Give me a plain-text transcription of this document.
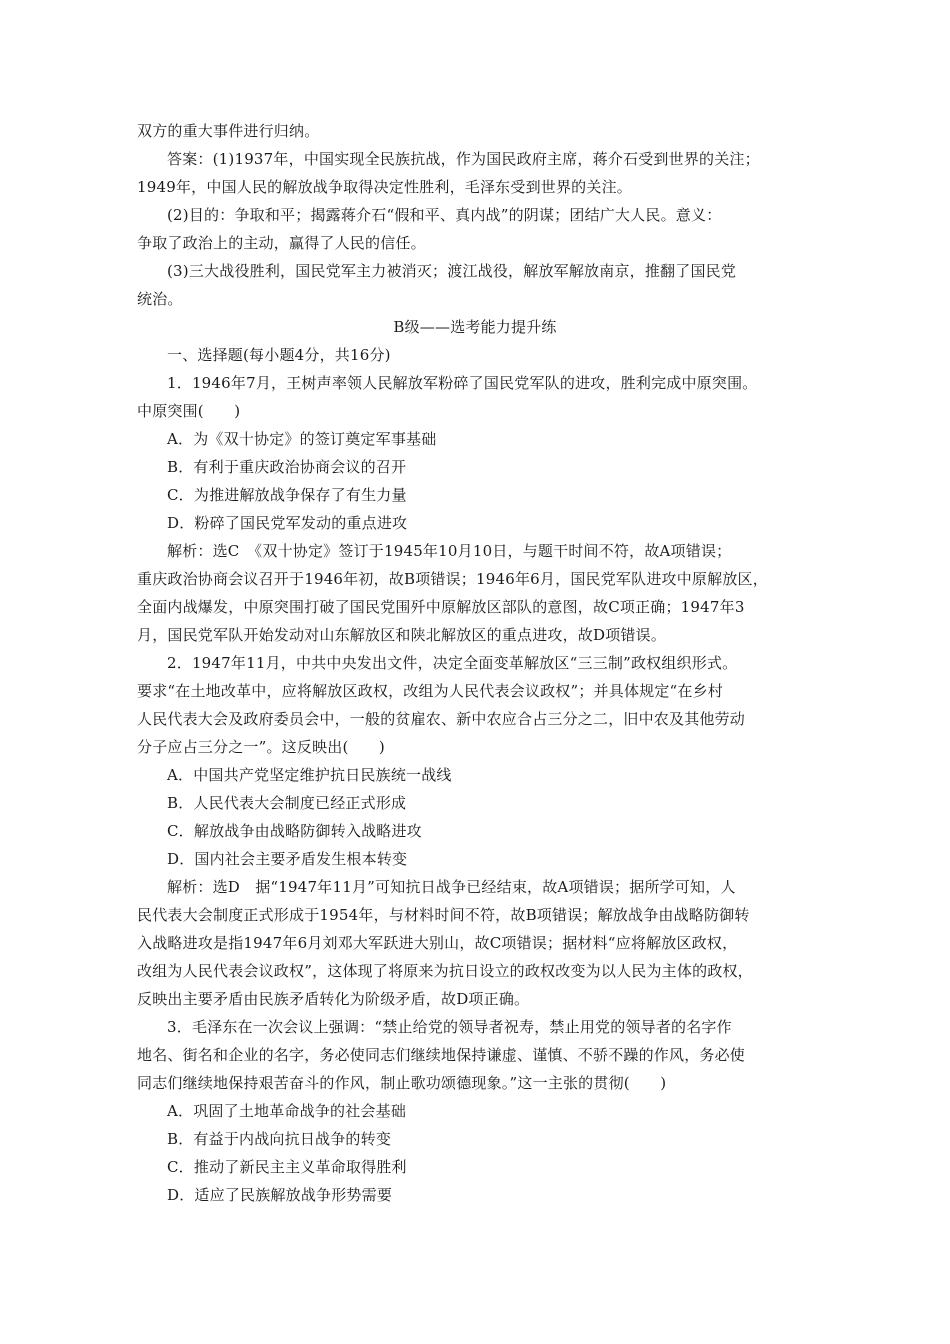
双方的重大事件进行归纳。
答案：(1)1937年，中国实现全民族抗战，作为国民政府主席，蒋介石受到世界的关注；
1949年，中国人民的解放战争取得决定性胜利，毛泽东受到世界的关注。
(2)目的：争取和平；揭露蒋介石“假和平、真内战”的阴谋；团结广大人民。意义：
争取了政治上的主动，赢得了人民的信任。
(3)三大战役胜利，国民党军主力被消灭；渡江战役，解放军解放南京，推翻了国民党
统治。
B级——选考能力提升练
一、选择题(每小题4分，共16分)
1．1946年7月，王树声率领人民解放军粉碎了国民党军队的进攻，胜利完成中原突围。
中原突围(　　)
A．为《双十协定》的签订奠定军事基础
B．有利于重庆政治协商会议的召开
C．为推进解放战争保存了有生力量
D．粉碎了国民党军发动的重点进攻
解析：选C　《双十协定》签订于1945年10月10日，与题干时间不符，故A项错误；
重庆政治协商会议召开于1946年初，故B项错误；1946年6月，国民党军队进攻中原解放区，
全面内战爆发，中原突围打破了国民党围歼中原解放区部队的意图，故C项正确；1947年3
月，国民党军队开始发动对山东解放区和陕北解放区的重点进攻，故D项错误。
2．1947年11月，中共中央发出文件，决定全面变革解放区“三三制”政权组织形式。
要求“在土地改革中，应将解放区政权，改组为人民代表会议政权”；并具体规定“在乡村
人民代表大会及政府委员会中，一般的贫雇农、新中农应合占三分之二，旧中农及其他劳动
分子应占三分之一”。这反映出(　　)
A．中国共产党坚定维护抗日民族统一战线
B．人民代表大会制度已经正式形成
C．解放战争由战略防御转入战略进攻
D．国内社会主要矛盾发生根本转变
解析：选D　据“1947年11月”可知抗日战争已经结束，故A项错误；据所学可知，人
民代表大会制度正式形成于1954年，与材料时间不符，故B项错误；解放战争由战略防御转
入战略进攻是指1947年6月刘邓大军跃进大别山，故C项错误；据材料“应将解放区政权，
改组为人民代表会议政权”，这体现了将原来为抗日设立的政权改变为以人民为主体的政权，
反映出主要矛盾由民族矛盾转化为阶级矛盾，故D项正确。
3．毛泽东在一次会议上强调：“禁止给党的领导者祝寿，禁止用党的领导者的名字作
地名、街名和企业的名字，务必使同志们继续地保持谦虚、谨慎、不骄不躁的作风，务必使
同志们继续地保持艰苦奋斗的作风，制止歌功颂德现象。”这一主张的贯彻(　　)
A．巩固了土地革命战争的社会基础
B．有益于内战向抗日战争的转变
C．推动了新民主主义革命取得胜利
D．适应了民族解放战争形势需要
